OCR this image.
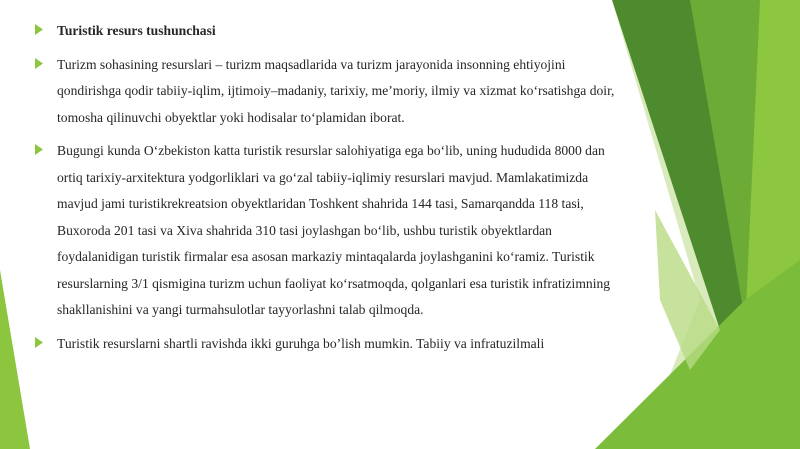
Turistik resurs tushunchasi
Turizm sohasining resurslari – turizm maqsadlarida va turizm jarayonida insonning ehtiyojini qondirishga qodir tabiiy-iqlim, ijtimoiy–madaniy, tarixiy, me’moriy, ilmiy va xizmat ko‘rsatishga doir, tomosha qilinuvchi obyektlar yoki hodisalar to‘plamidan iborat.
Bugungi kunda O‘zbekiston katta turistik resurslar salohiyatiga ega bo‘lib, uning hududida 8000 dan ortiq tarixiy-arxitektura yodgorliklari va go‘zal tabiiy-iqlimiy resurslari mavjud. Mamlakatimizda mavjud jami turistikrekreatsion obyektlaridan Toshkent shahrida 144 tasi, Samarqandda 118 tasi, Buxoroda 201 tasi va Xiva shahrida 310 tasi joylashgan bo‘lib, ushbu turistik obyektlardan foydalanidigan turistik firmalar esa asosan markaziy mintaqalarda joylashganini ko‘ramiz. Turistik resurslarning 3/1 qismigina turizm uchun faoliyat ko‘rsatmoqda, qolganlari esa turistik infratizimning shakllanishini va yangi turmahsulotlar tayyorlashni talab qilmoqda.
Turistik resurslarni shartli ravishda ikki guruhga bo’lish mumkin. Tabiiy va infratuzilmali
